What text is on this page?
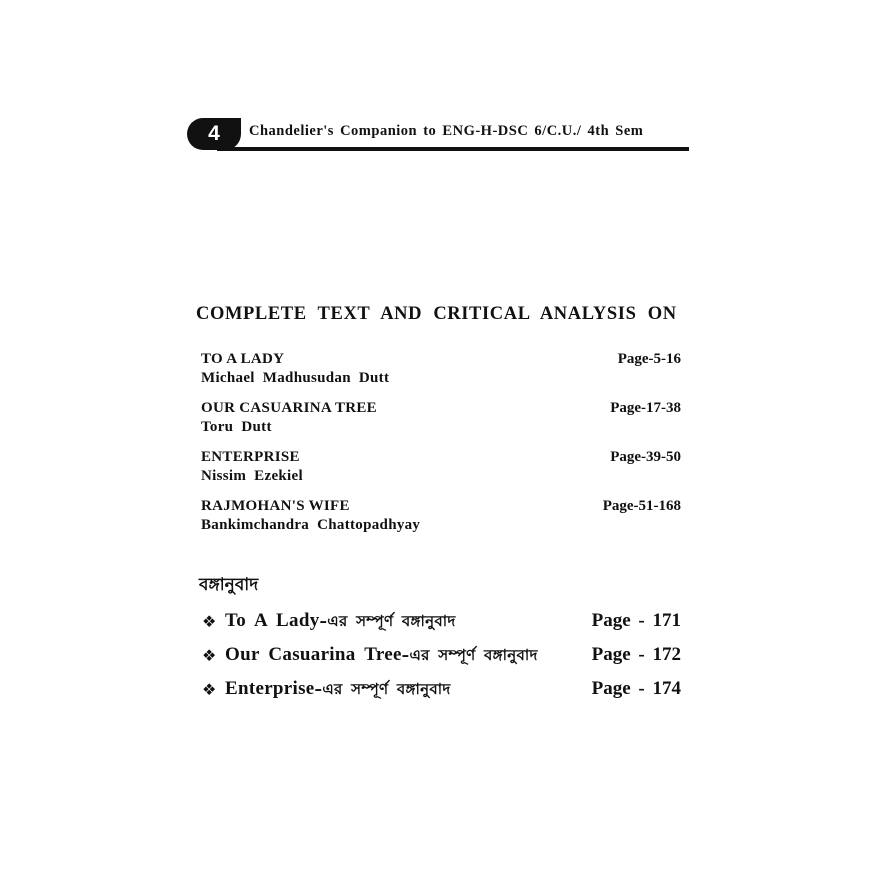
4	Chandelier's Companion to ENG-H-DSC 6/C.U./ 4th Sem
COMPLETE TEXT AND CRITICAL ANALYSIS ON
TO A LADY	Page-5-16
Michael Madhusudan Dutt
OUR CASUARINA TREE	Page-17-38
Toru Dutt
ENTERPRISE	Page-39-50
Nissim Ezekiel
RAJMOHAN'S WIFE	Page-51-168
Bankimchandra Chattopadhyay
বঙ্গানুবাদ
❖ To A Lady–এর সম্পূর্ণ বঙ্গানুবাদ	Page - 171
❖ Our Casuarina Tree–এর সম্পূর্ণ বঙ্গানুবাদ	Page - 172
❖ Enterprise–এর সম্পূর্ণ বঙ্গানুবাদ	Page - 174
